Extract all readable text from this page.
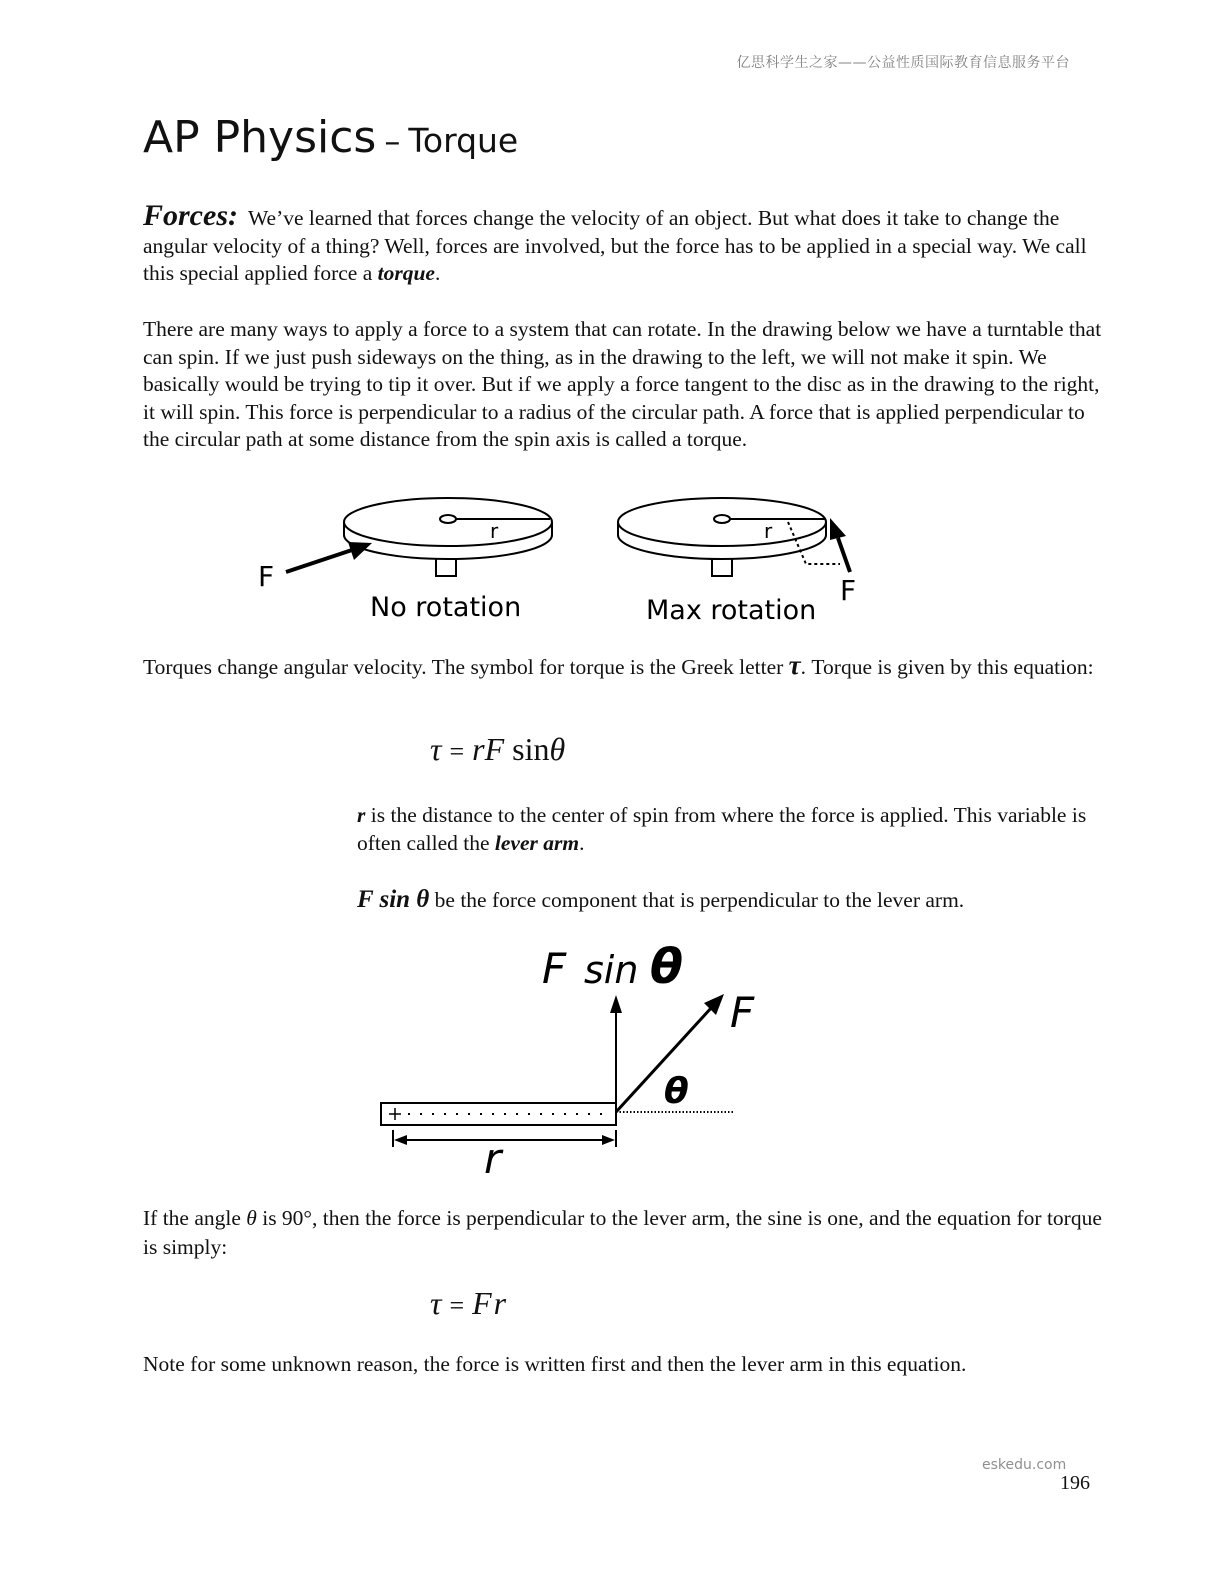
亿思科学生之家——公益性质国际教育信息服务平台
AP Physics – Torque

Forces: We’ve learned that forces change the velocity of an object. But what does it take to change the angular velocity of a thing? Well, forces are involved, but the force has to be applied in a special way. We call this special applied force a torque.

There are many ways to apply a force to a system that can rotate. In the drawing below we have a turntable that can spin. If we just push sideways on the thing, as in the drawing to the left, we will not make it spin. We basically would be trying to tip it over. But if we apply a force tangent to the disc as in the drawing to the right, it will spin. This force is perpendicular to a radius of the circular path. A force that is applied perpendicular to the circular path at some distance from the spin axis is called a torque.

r
F
No rotation
r
F
Max rotation

Torques change angular velocity. The symbol for torque is the Greek letter τ. Torque is given by this equation:

τ = rF sinθ

r is the distance to the center of spin from where the force is applied. This variable is often called the lever arm.

F sin θ be the force component that is perpendicular to the lever arm.

F sin θ
F
θ
r

If the angle θ is 90°, then the force is perpendicular to the lever arm, the sine is one, and the equation for torque is simply:

τ = Fr

Note for some unknown reason, the force is written first and then the lever arm in this equation.

eskedu.com
196
